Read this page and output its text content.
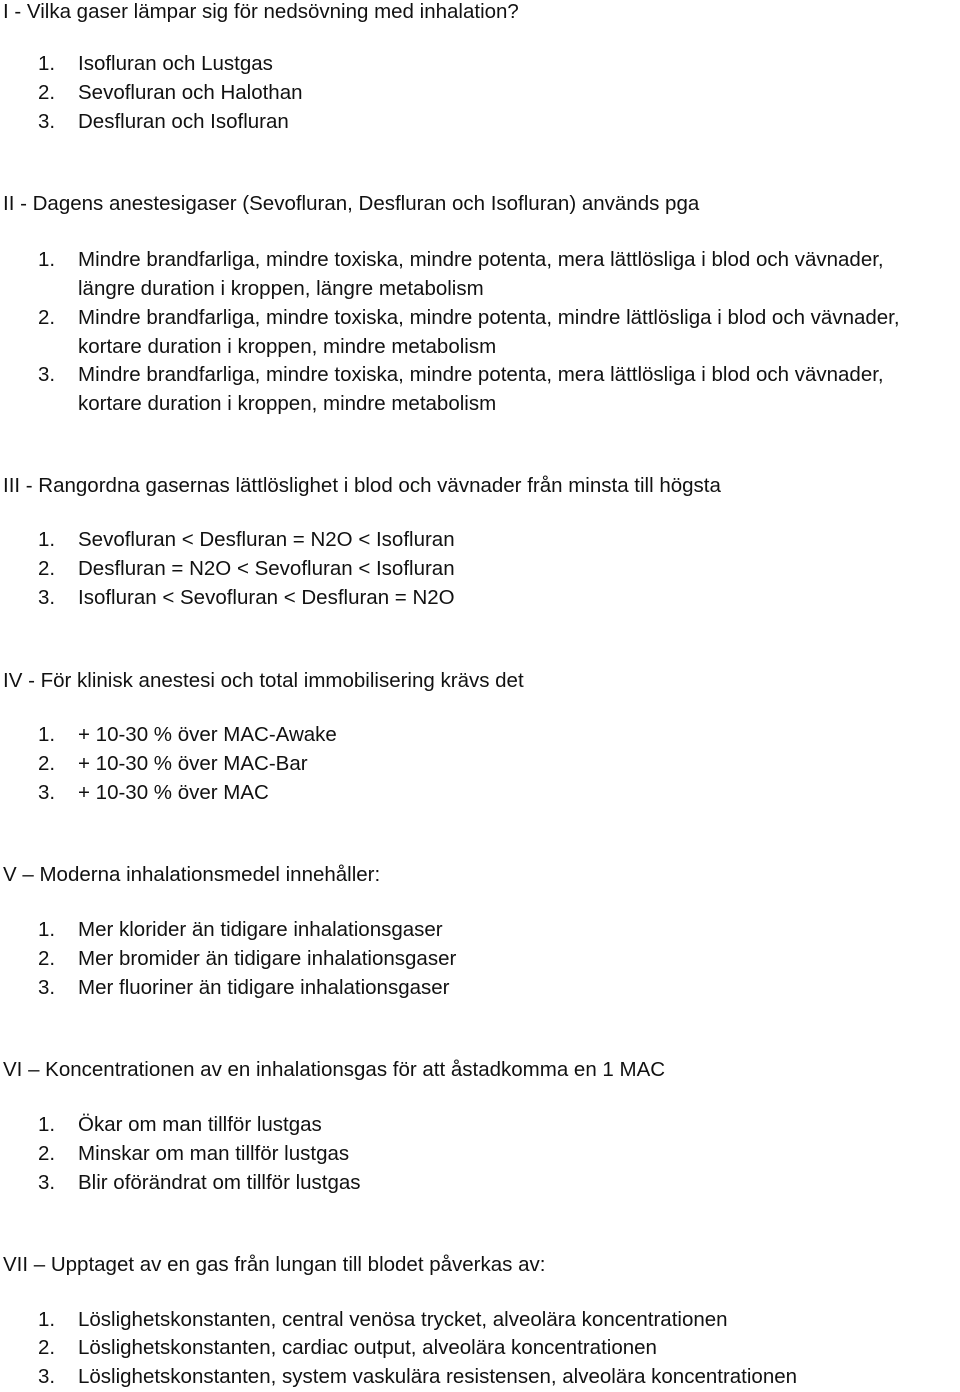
I - Vilka gaser lämpar sig för nedsövning med inhalation?
1.	Isofluran och Lustgas
2.	Sevofluran och Halothan
3.	Desfluran och Isofluran
II - Dagens anestesigaser (Sevofluran, Desfluran och Isofluran) används pga
1.	Mindre brandfarliga, mindre toxiska, mindre potenta, mera lättlösliga i blod och vävnader,
längre duration i kroppen, längre metabolism
2.	Mindre brandfarliga, mindre toxiska, mindre potenta, mindre lättlösliga i blod och vävnader,
kortare duration i kroppen, mindre metabolism
3.	Mindre brandfarliga, mindre toxiska, mindre potenta, mera lättlösliga i blod och vävnader,
kortare duration i kroppen, mindre metabolism
III - Rangordna gasernas lättlöslighet i blod och vävnader från minsta till högsta
1.	Sevofluran < Desfluran = N2O < Isofluran
2.	Desfluran = N2O < Sevofluran < Isofluran
3.	Isofluran < Sevofluran < Desfluran = N2O
IV - För klinisk anestesi och total immobilisering krävs det
1.	+ 10-30 % över MAC-Awake
2.	+ 10-30 % över MAC-Bar
3.	+ 10-30 % över MAC
V – Moderna inhalationsmedel innehåller:
1.	Mer klorider än tidigare inhalationsgaser
2.	Mer bromider än tidigare inhalationsgaser
3.	Mer fluoriner än tidigare inhalationsgaser
VI – Koncentrationen av en inhalationsgas för att åstadkomma en 1 MAC
1.	Ökar om man tillför lustgas
2.	Minskar om man tillför lustgas
3.	Blir oförändrat om tillför lustgas
VII – Upptaget av en gas från lungan till blodet påverkas av:
1.	Löslighetskonstanten, central venösa trycket, alveolära koncentrationen
2.	Löslighetskonstanten, cardiac output, alveolära koncentrationen
3.	Löslighetskonstanten, system vaskulära resistensen, alveolära koncentrationen
